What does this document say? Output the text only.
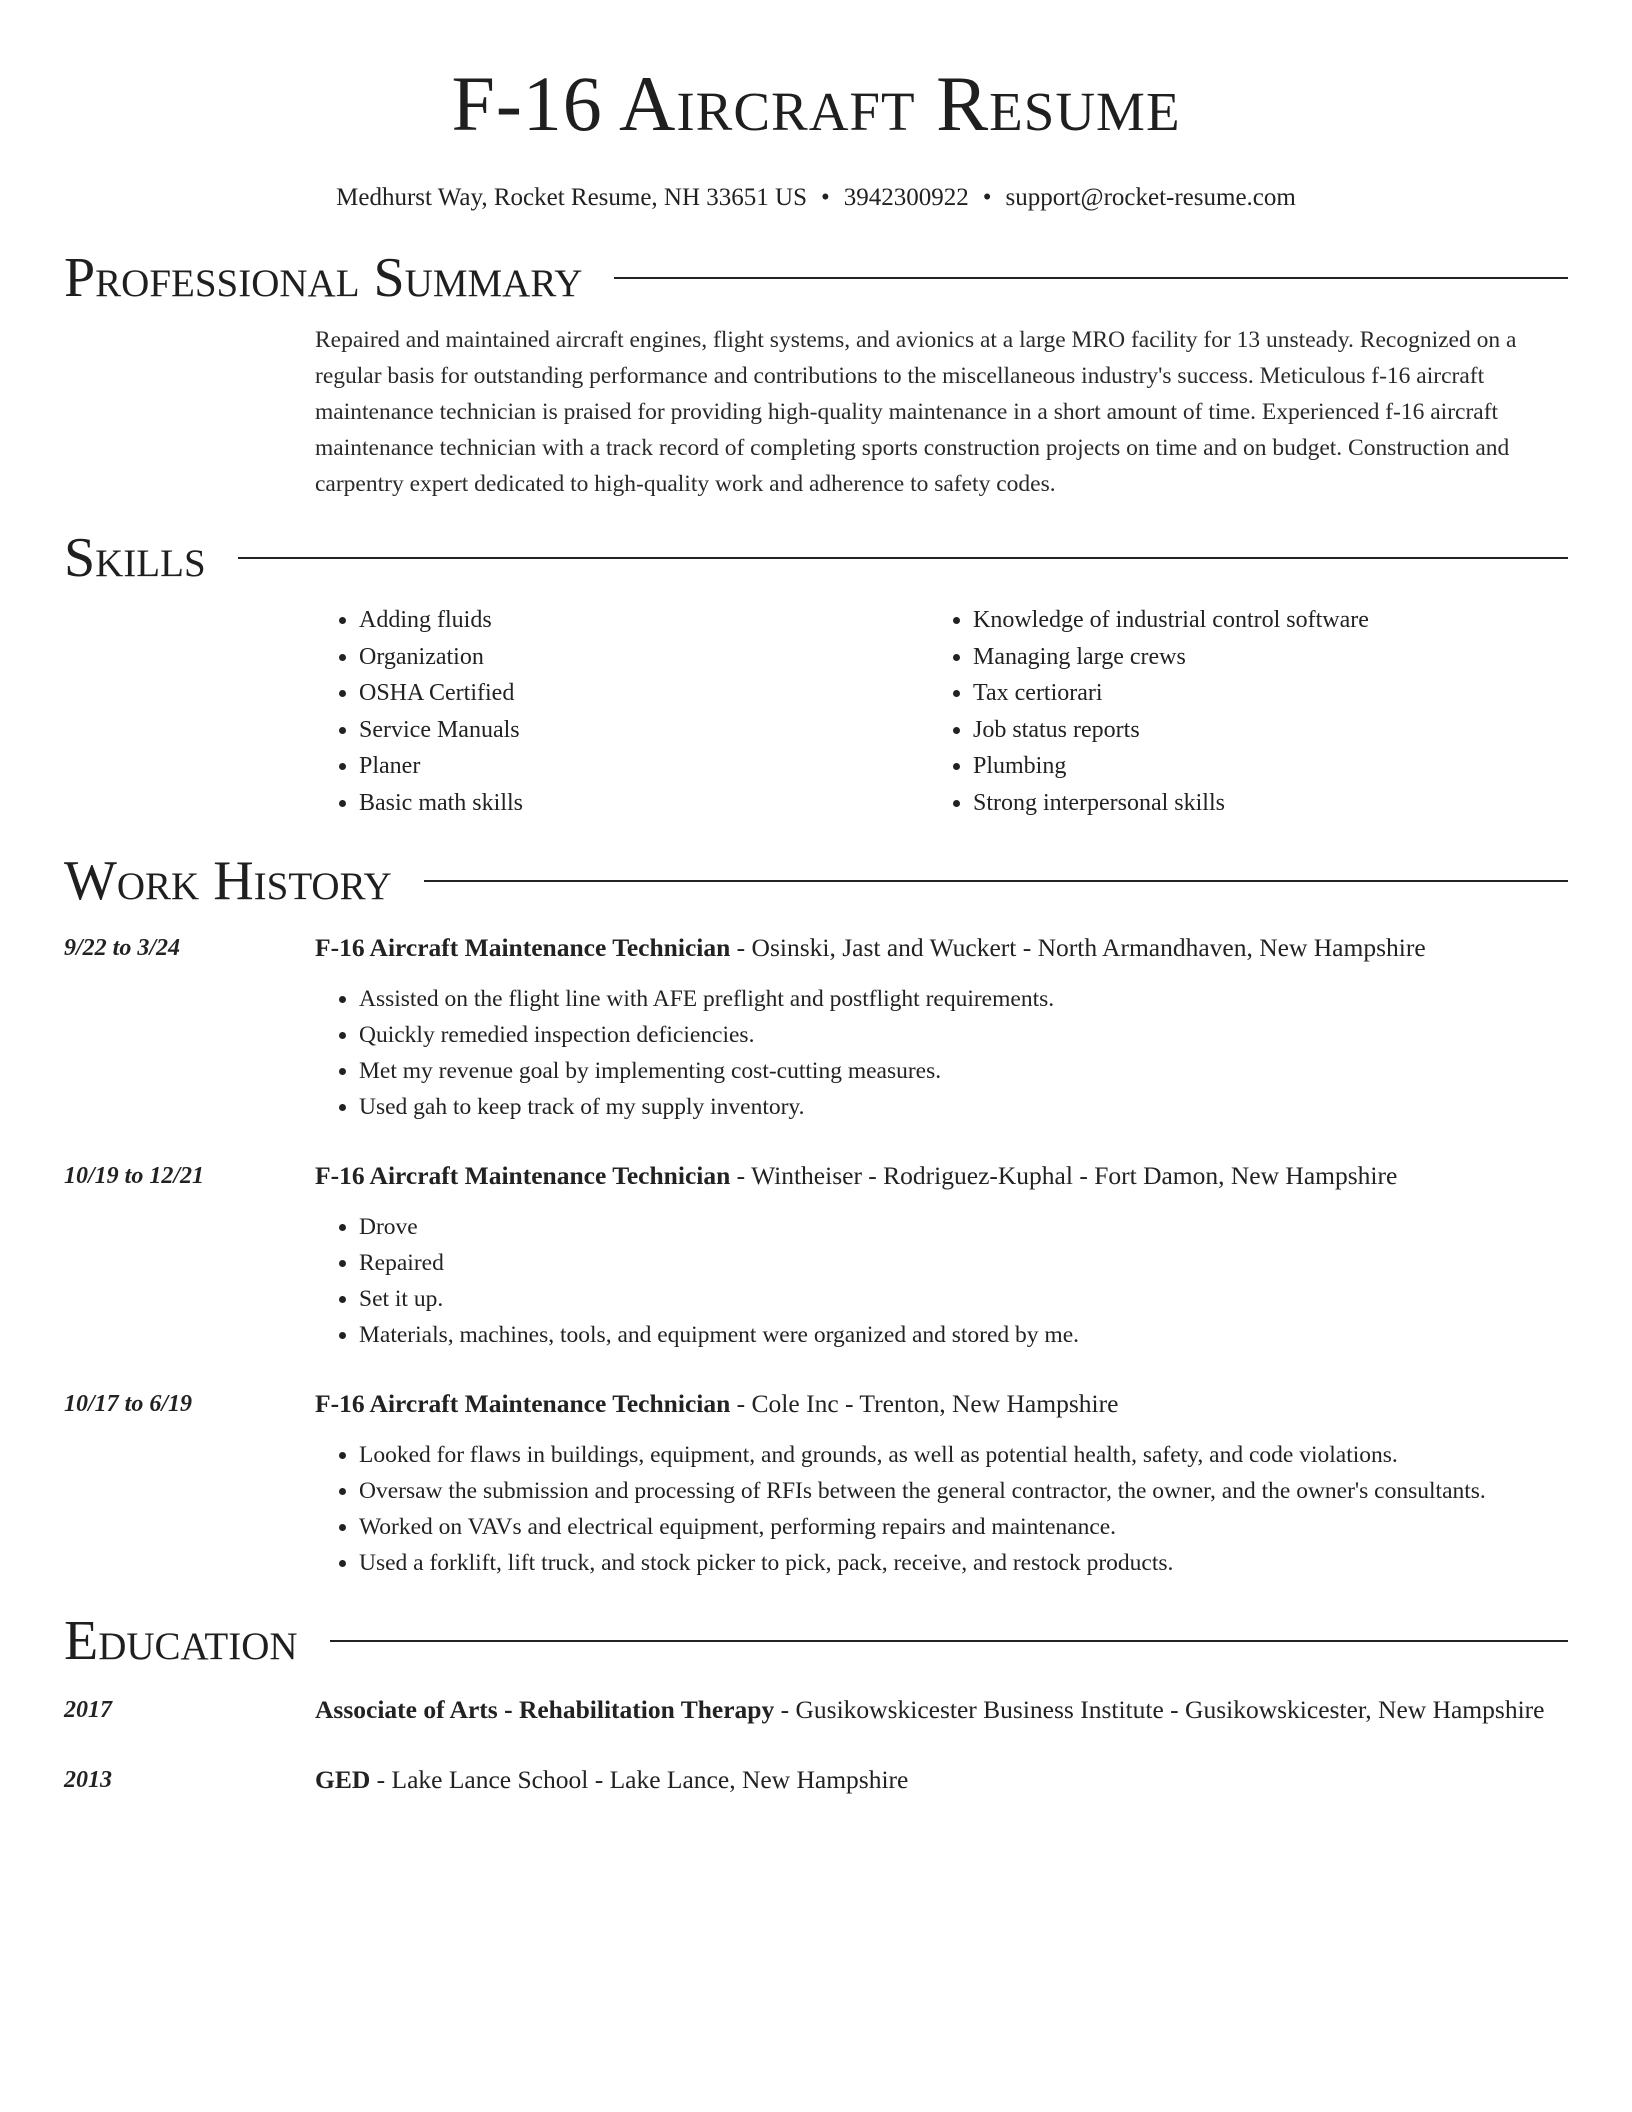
F-16 Aircraft Resume
Medhurst Way, Rocket Resume, NH 33651 US • 3942300922 • support@rocket-resume.com
Professional Summary

Repaired and maintained aircraft engines, flight systems, and avionics at a large MRO facility for 13 unsteady. Recognized on a regular basis for outstanding performance and contributions to the miscellaneous industry's success. Meticulous f-16 aircraft maintenance technician is praised for providing high-quality maintenance in a short amount of time. Experienced f-16 aircraft maintenance technician with a track record of completing sports construction projects on time and on budget. Construction and carpentry expert dedicated to high-quality work and adherence to safety codes.

Skills
• Adding fluids
• Organization
• OSHA Certified
• Service Manuals
• Planer
• Basic math skills
• Knowledge of industrial control software
• Managing large crews
• Tax certiorari
• Job status reports
• Plumbing
• Strong interpersonal skills
Work History
9/22 to 3/24	F-16 Aircraft Maintenance Technician - Osinski, Jast and Wuckert - North Armandhaven, New Hampshire
• Assisted on the flight line with AFE preflight and postflight requirements.
• Quickly remedied inspection deficiencies.
• Met my revenue goal by implementing cost-cutting measures.
• Used gah to keep track of my supply inventory.
10/19 to 12/21	F-16 Aircraft Maintenance Technician - Wintheiser - Rodriguez-Kuphal - Fort Damon, New Hampshire
• Drove
• Repaired
• Set it up.
• Materials, machines, tools, and equipment were organized and stored by me.
10/17 to 6/19	F-16 Aircraft Maintenance Technician - Cole Inc - Trenton, New Hampshire
• Looked for flaws in buildings, equipment, and grounds, as well as potential health, safety, and code violations.
• Oversaw the submission and processing of RFIs between the general contractor, the owner, and the owner's consultants.
• Worked on VAVs and electrical equipment, performing repairs and maintenance.
• Used a forklift, lift truck, and stock picker to pick, pack, receive, and restock products.
Education
2017	Associate of Arts - Rehabilitation Therapy - Gusikowskicester Business Institute - Gusikowskicester, New Hampshire
2013	GED - Lake Lance School - Lake Lance, New Hampshire
